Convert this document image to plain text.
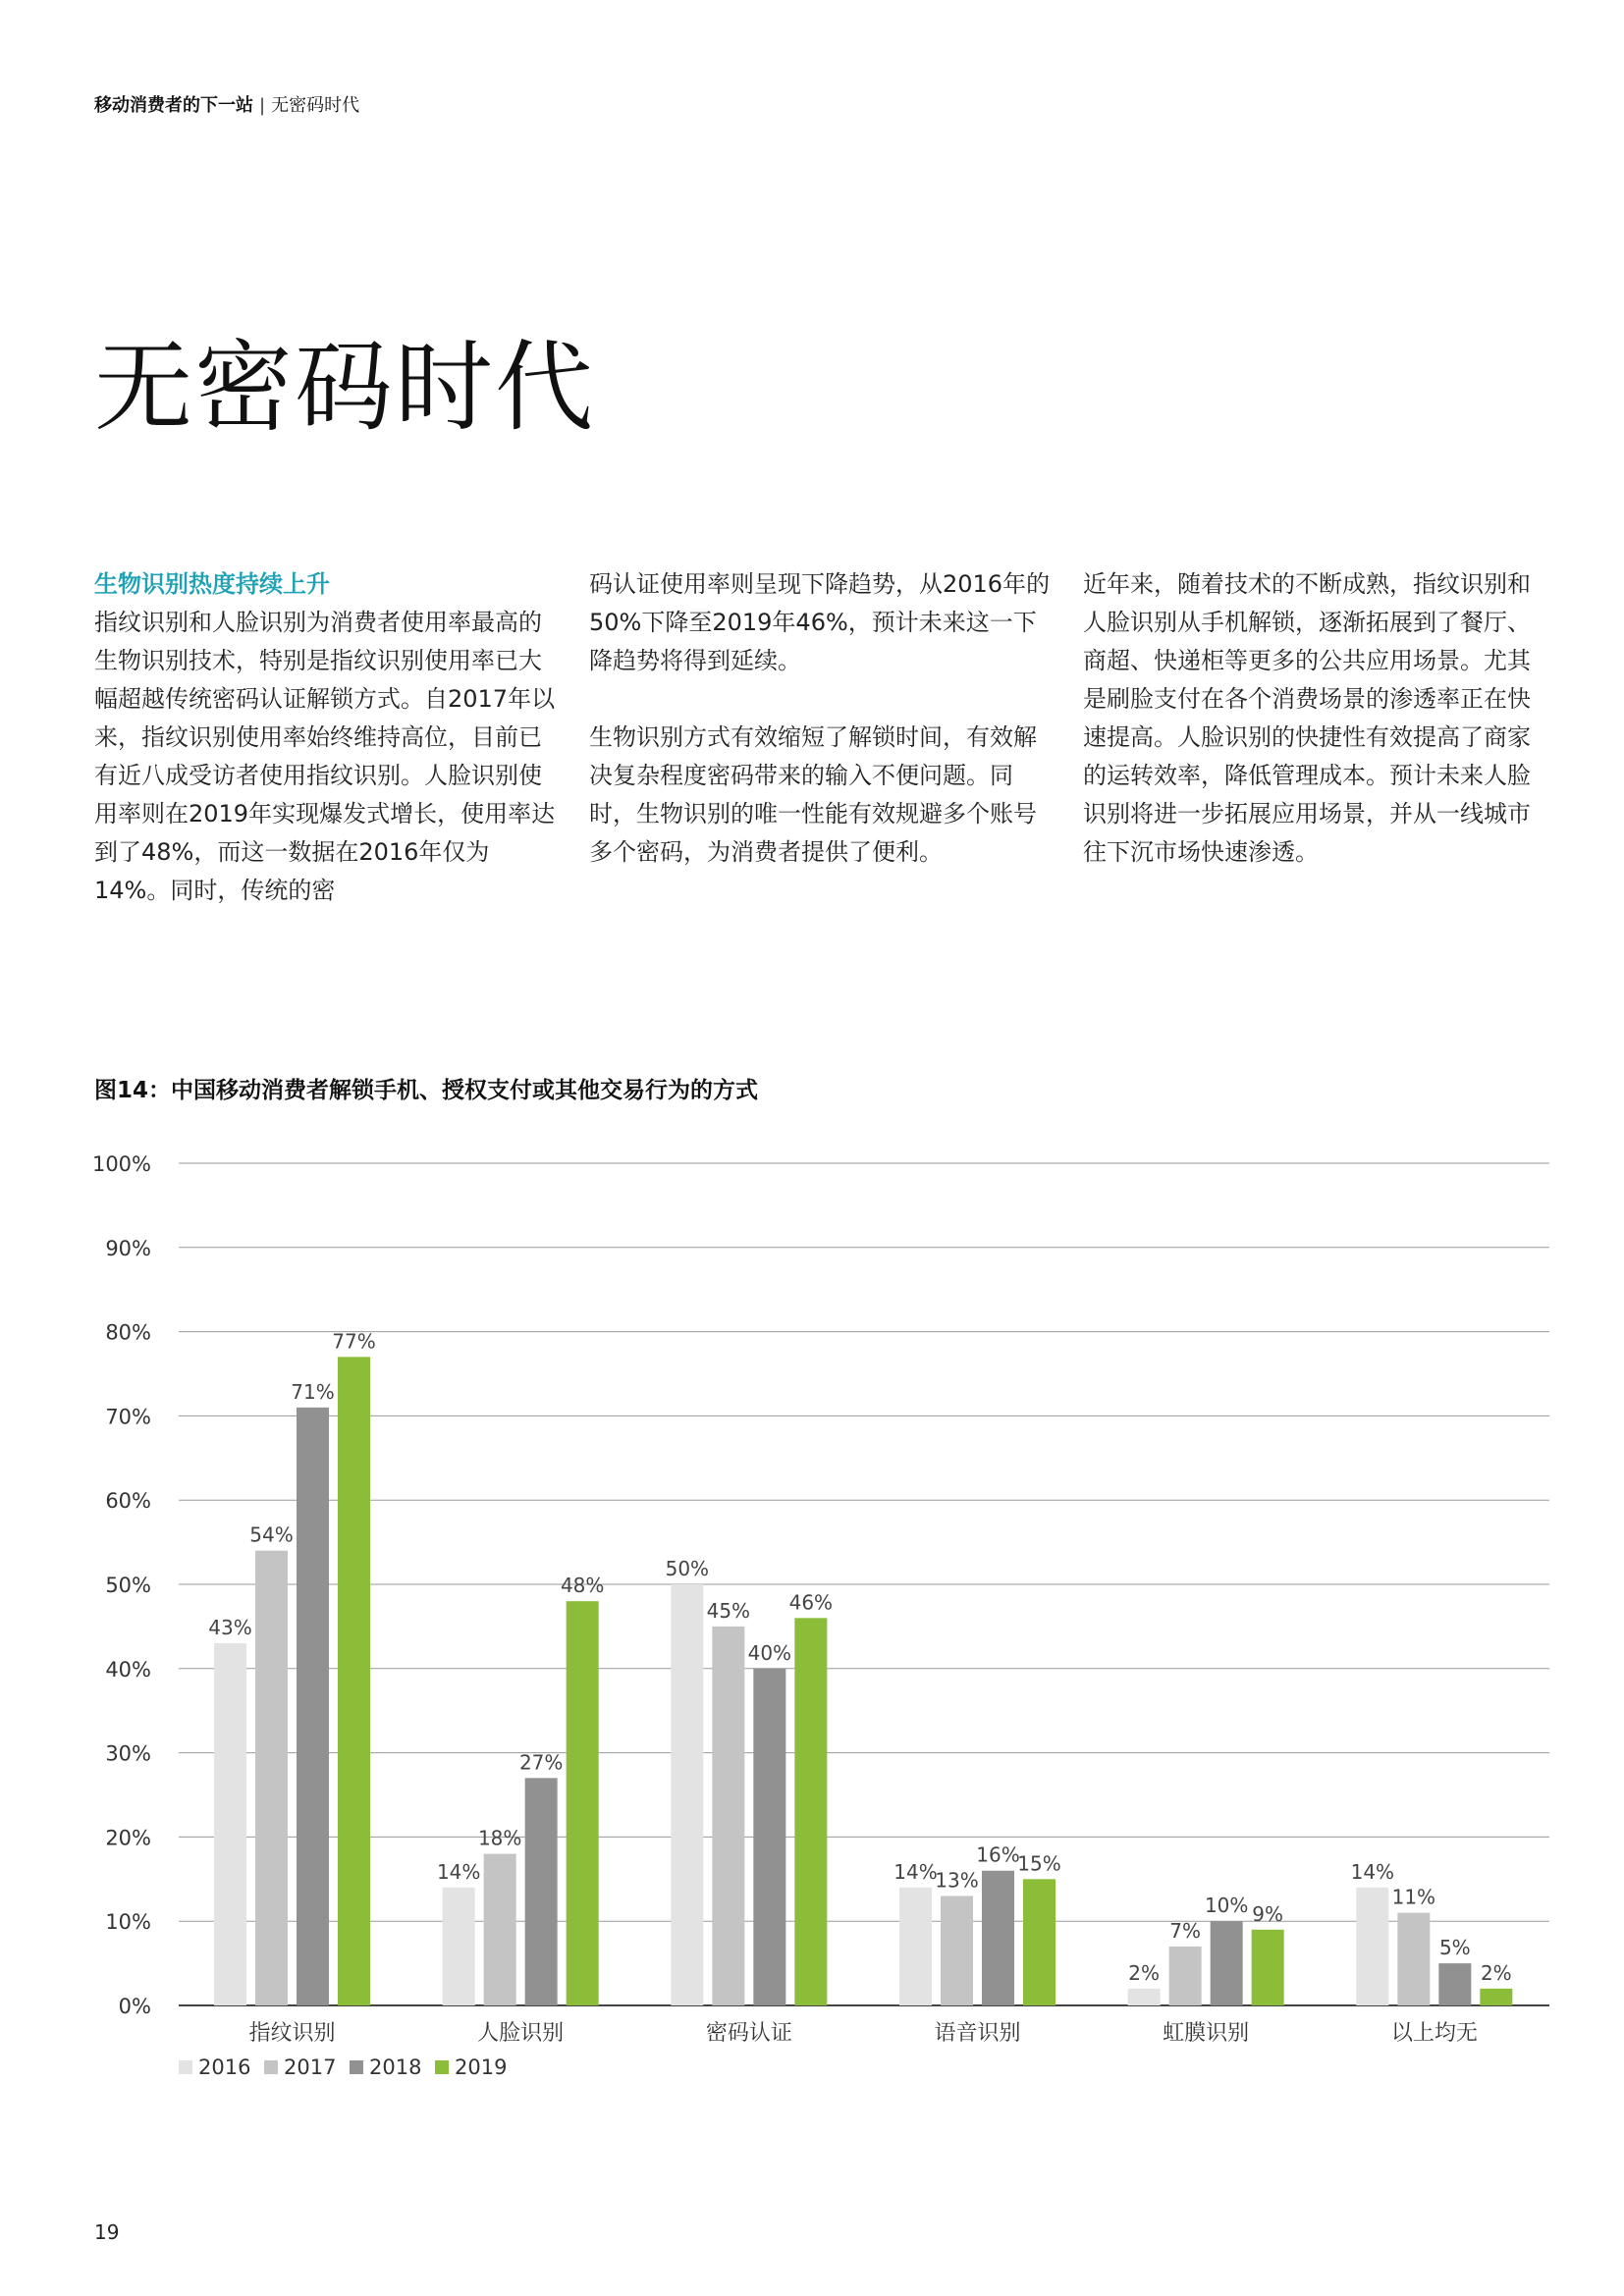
移动消费者的下一站 | 无密码时代
无密码时代
生物识别热度持续上升

指纹识别和人脸识别为消费者使用率最高的生物识别技术，特别是指纹识别使用率已大幅超越传统密码认证解锁方式。自2017年以来，指纹识别使用率始终维持高位，目前已有近八成受访者使用指纹识别。人脸识别使用率则在2019年实现爆发式增长，使用率达到了48%，而这一数据在2016年仅为14%。同时，传统的密

码认证使用率则呈现下降趋势，从2016年的50%下降至2019年46%，预计未来这一下降趋势将得到延续。

生物识别方式有效缩短了解锁时间，有效解决复杂程度密码带来的输入不便问题。同时，生物识别的唯一性能有效规避多个账号多个密码，为消费者提供了便利。

近年来，随着技术的不断成熟，指纹识别和人脸识别从手机解锁，逐渐拓展到了餐厅、商超、快递柜等更多的公共应用场景。尤其是刷脸支付在各个消费场景的渗透率正在快速提高。人脸识别的快捷性有效提高了商家的运转效率，降低管理成本。预计未来人脸识别将进一步拓展应用场景，并从一线城市往下沉市场快速渗透。

图14：中国移动消费者解锁手机、授权支付或其他交易行为的方式
0%
10%
20%
30%
40%
50%
60%
70%
80%
90%
100%
43%
14%
50%
14%
2%
14%
54%
18%
45%
13%
7%
11%
71%
27%
40%
16%
10%
5%
77%
48%
46%
15%
9%
2%
指纹识别	人脸识别	密码认证	语音识别	虹膜识别	以上均无
2016 2017 2018 2019
19
